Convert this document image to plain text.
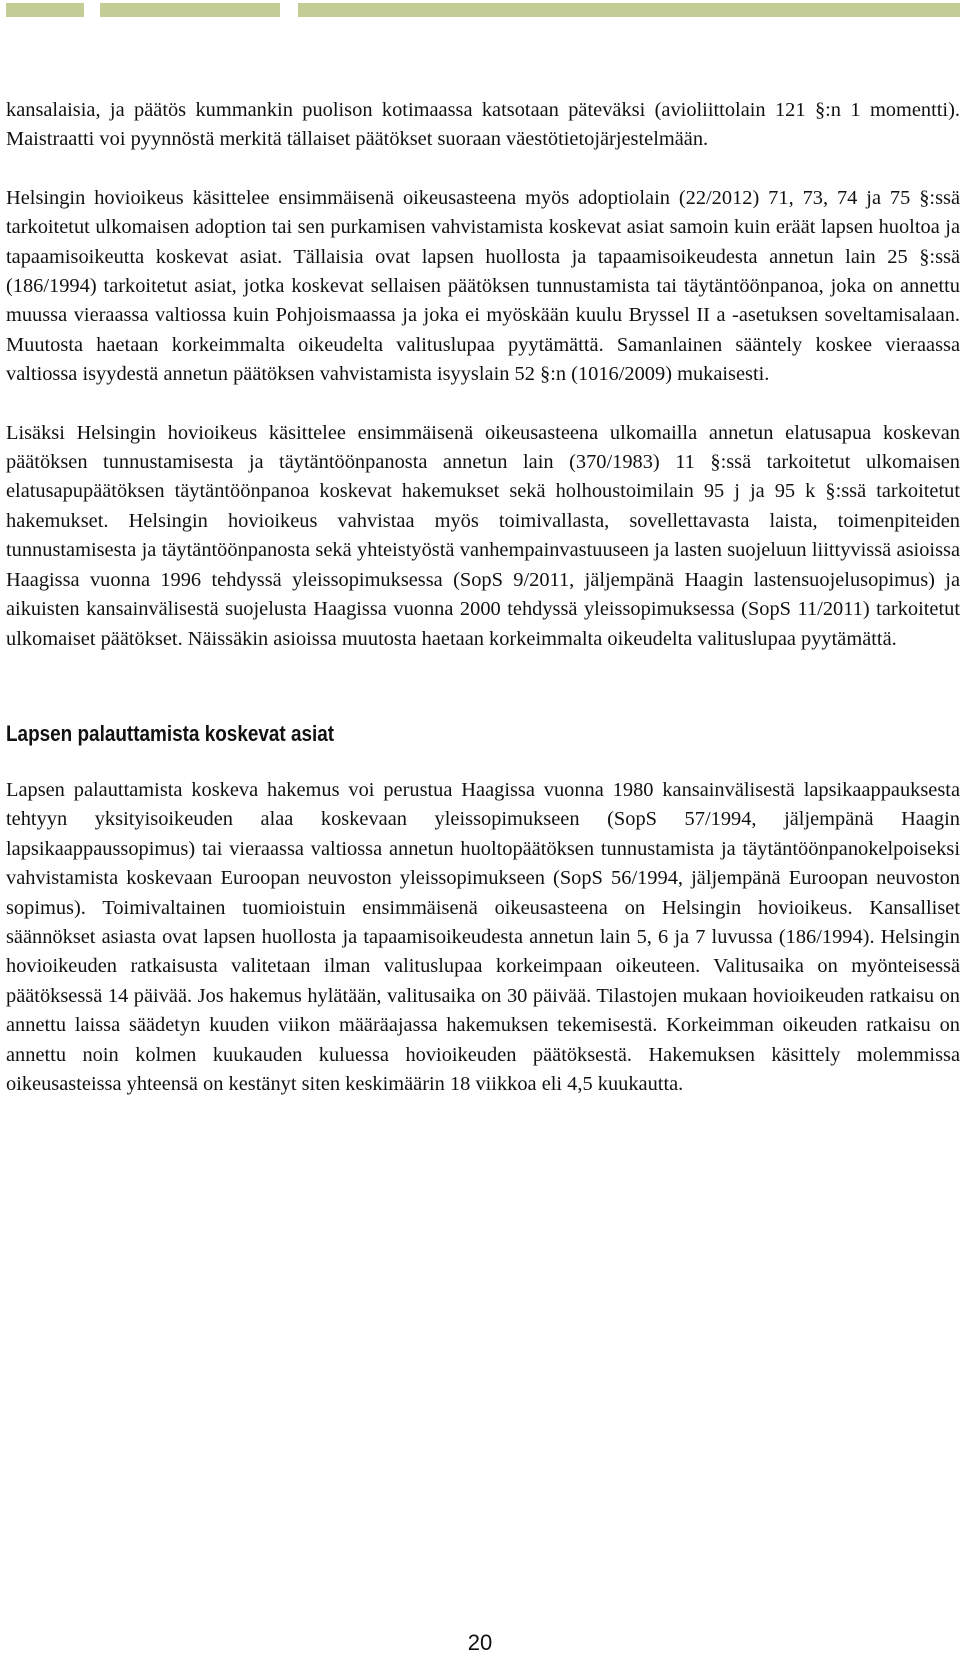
kansalaisia, ja päätös kummankin puolison kotimaassa katsotaan päteväksi (avioliittolain 121 §:n 1 momentti). Maistraatti voi pyynnöstä merkitä tällaiset päätökset suoraan väestötietojärjestelmään.

Helsingin hovioikeus käsittelee ensimmäisenä oikeusasteena myös adoptiolain (22/2012) 71, 73, 74 ja 75 §:ssä tarkoitetut ulkomaisen adoption tai sen purkamisen vahvistamista koskevat asiat samoin kuin eräät lapsen huoltoa ja tapaamisoikeutta koskevat asiat. Tällaisia ovat lapsen huollosta ja tapaamisoikeudesta annetun lain 25 §:ssä (186/1994) tarkoitetut asiat, jotka koskevat sellaisen päätöksen tunnustamista tai täytäntöönpanoa, joka on annettu muussa vieraassa valtiossa kuin Pohjoismaassa ja joka ei myöskään kuulu Bryssel II a -asetuksen soveltamisalaan. Muutosta haetaan korkeimmalta oikeudelta valituslupaa pyytämättä. Samanlainen sääntely koskee vieraassa valtiossa isyydestä annetun päätöksen vahvistamista isyyslain 52 §:n (1016/2009) mukaisesti.

Lisäksi Helsingin hovioikeus käsittelee ensimmäisenä oikeusasteena ulkomailla annetun elatusapua koskevan päätöksen tunnustamisesta ja täytäntöönpanosta annetun lain (370/1983) 11 §:ssä tarkoitetut ulkomaisen elatusapupäätöksen täytäntöönpanoa koskevat hakemukset sekä holhoustoimilain 95 j ja 95 k §:ssä tarkoitetut hakemukset. Helsingin hovioikeus vahvistaa myös toimivallasta, sovellettavasta laista, toimenpiteiden tunnustamisesta ja täytäntöönpanosta sekä yhteistyöstä vanhempainvastuuseen ja lasten suojeluun liittyvissä asioissa Haagissa vuonna 1996 tehdyssä yleissopimuksessa (SopS 9/2011, jäljempänä Haagin lastensuojelusopimus) ja aikuisten kansainvälisestä suojelusta Haagissa vuonna 2000 tehdyssä yleissopimuksessa (SopS 11/2011) tarkoitetut ulkomaiset päätökset. Näissäkin asioissa muutosta haetaan korkeimmalta oikeudelta valituslupaa pyytämättä.

Lapsen palauttamista koskevat asiat

Lapsen palauttamista koskeva hakemus voi perustua Haagissa vuonna 1980 kansainvälisestä lapsikaappauksesta tehtyyn yksityisoikeuden alaa koskevaan yleissopimukseen (SopS 57/1994, jäljempänä Haagin lapsikaappaussopimus) tai vieraassa valtiossa annetun huoltopäätöksen tunnustamista ja täytäntöönpanokelpoiseksi vahvistamista koskevaan Euroopan neuvoston yleissopimukseen (SopS 56/1994, jäljempänä Euroopan neuvoston sopimus). Toimivaltainen tuomioistuin ensimmäisenä oikeusasteena on Helsingin hovioikeus. Kansalliset säännökset asiasta ovat lapsen huollosta ja tapaamisoikeudesta annetun lain 5, 6 ja 7 luvussa (186/1994). Helsingin hovioikeuden ratkaisusta valitetaan ilman valituslupaa korkeimpaan oikeuteen. Valitusaika on myönteisessä päätöksessä 14 päivää. Jos hakemus hylätään, valitusaika on 30 päivää. Tilastojen mukaan hovioikeuden ratkaisu on annettu laissa säädetyn kuuden viikon määräajassa hakemuksen tekemisestä. Korkeimman oikeuden ratkaisu on annettu noin kolmen kuukauden kuluessa hovioikeuden päätöksestä. Hakemuksen käsittely molemmissa oikeusasteissa yhteensä on kestänyt siten keskimäärin 18 viikkoa eli 4,5 kuukautta.

20
